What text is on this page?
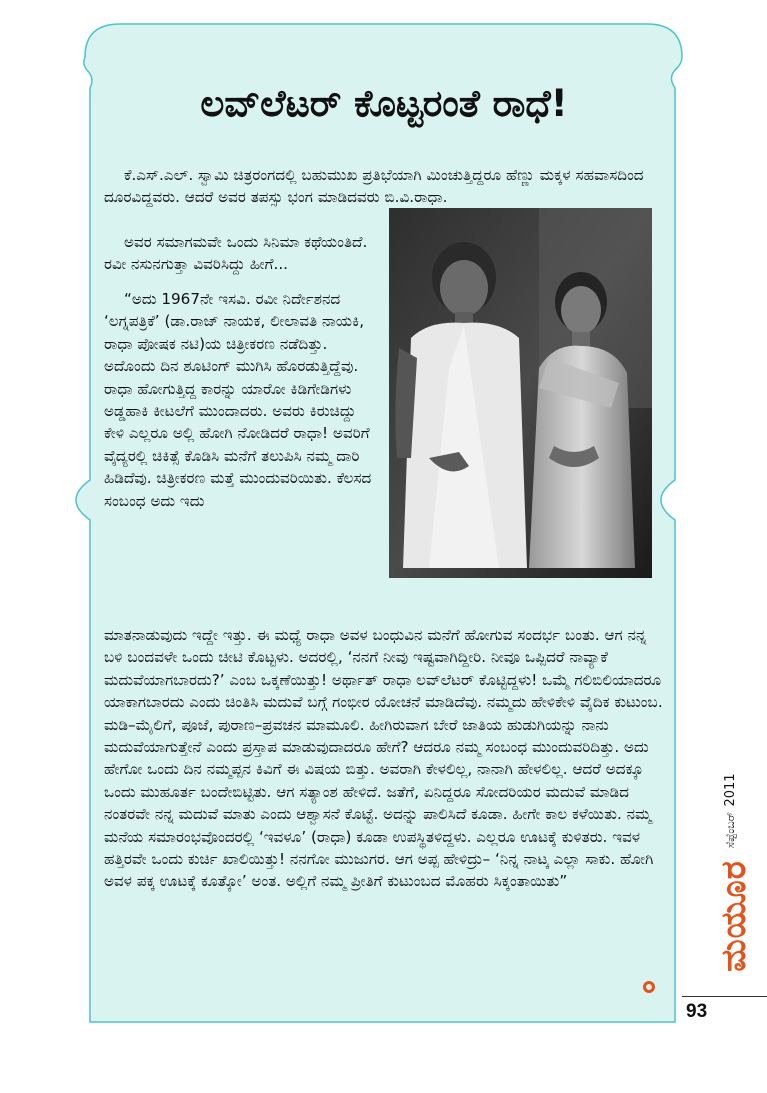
ಲವ್‌ಲೆಟರ್ ಕೊಟ್ಟರಂತೆ ರಾಧೆ!

ಕೆ.ಎಸ್.ಎಲ್. ಸ್ವಾಮಿ ಚಿತ್ರರಂಗದಲ್ಲಿ ಬಹುಮುಖ ಪ್ರತಿಭೆಯಾಗಿ ಮಿಂಚುತ್ತಿದ್ದರೂ ಹೆಣ್ಣು ಮಕ್ಕಳ ಸಹವಾಸದಿಂದ ದೂರವಿದ್ದವರು. ಆದರೆ ಅವರ ತಪಸ್ಸು ಭಂಗ ಮಾಡಿದವರು ಬಿ.ವಿ.ರಾಧಾ.

ಅವರ ಸಮಾಗಮವೇ ಒಂದು ಸಿನಿಮಾ ಕಥೆಯಂತಿದೆ. ರವೀ ನಸುನಗುತ್ತಾ ವಿವರಿಸಿದ್ದು ಹೀಗೆ...

“ಅದು 1967ನೇ ಇಸವಿ. ರವೀ ನಿರ್ದೇಶನದ ‘ಲಗ್ನಪತ್ರಿಕೆ’ (ಡಾ.ರಾಜ್ ನಾಯಕ, ಲೀಲಾವತಿ ನಾಯಕಿ, ರಾಧಾ ಪೋಷಕ ನಟಿ)ಯ ಚಿತ್ರೀಕರಣ ನಡೆದಿತ್ತು. ಅದೊಂದು ದಿನ ಶೂಟಿಂಗ್ ಮುಗಿಸಿ ಹೊರಡುತ್ತಿದ್ದೆವು. ರಾಧಾ ಹೋಗುತ್ತಿದ್ದ ಕಾರನ್ನು ಯಾರೋ ಕಿಡಿಗೇಡಿಗಳು ಅಡ್ಡಹಾಕಿ ಕೀಟಲೆಗೆ ಮುಂದಾದರು. ಅವರು ಕಿರುಚಿದ್ದು ಕೇಳಿ ಎಲ್ಲರೂ ಅಲ್ಲಿ ಹೋಗಿ ನೋಡಿದರೆ ರಾಧಾ! ಅವರಿಗೆ ವೈದ್ಯರಲ್ಲಿ ಚಿಕಿತ್ಸೆ ಕೊಡಿಸಿ ಮನೆಗೆ ತಲುಪಿಸಿ ನಮ್ಮ ದಾರಿ ಹಿಡಿದೆವು. ಚಿತ್ರೀಕರಣ ಮತ್ತೆ ಮುಂದುವರಿಯಿತು. ಕೆಲಸದ ಸಂಬಂಧ ಅದು ಇದು

ಮಾತನಾಡುವುದು ಇದ್ದೇ ಇತ್ತು. ಈ ಮಧ್ಯೆ ರಾಧಾ ಅವಳ ಬಂಧುವಿನ ಮನೆಗೆ ಹೋಗುವ ಸಂದರ್ಭ ಬಂತು. ಆಗ ನನ್ನ ಬಳಿ ಬಂದವಳೇ ಒಂದು ಚೀಟಿ ಕೊಟ್ಟಳು. ಅದರಲ್ಲಿ, ‘ನನಗೆ ನೀವು ಇಷ್ಟವಾಗಿದ್ದೀರಿ. ನೀವೂ ಒಪ್ಪಿದರೆ ನಾವ್ಯಾಕೆ ಮದುವೆಯಾಗಬಾರದು?’ ಎಂಬ ಒಕ್ಕಣೆಯಿತ್ತು! ಅರ್ಥಾತ್ ರಾಧಾ ಲವ್‌ಲೆಟರ್ ಕೊಟ್ಟಿದ್ದಳು! ಒಮ್ಮೆ ಗಲಿಬಿಲಿಯಾದರೂ ಯಾಕಾಗಬಾರದು ಎಂದು ಚಿಂತಿಸಿ ಮದುವೆ ಬಗ್ಗೆ ಗಂಭೀರ ಯೋಚನೆ ಮಾಡಿದೆವು. ನಮ್ಮದು ಹೇಳಿಕೇಳಿ ವೈದಿಕ ಕುಟುಂಬ. ಮಡಿ–ಮೈಲಿಗೆ, ಪೂಜೆ, ಪುರಾಣ–ಪ್ರವಚನ ಮಾಮೂಲಿ. ಹೀಗಿರುವಾಗ ಬೇರೆ ಜಾತಿಯ ಹುಡುಗಿಯನ್ನು ನಾನು ಮದುವೆಯಾಗುತ್ತೇನೆ ಎಂದು ಪ್ರಸ್ತಾಪ ಮಾಡುವುದಾದರೂ ಹೇಗೆ? ಆದರೂ ನಮ್ಮ ಸಂಬಂಧ ಮುಂದುವರಿದಿತ್ತು. ಅದು ಹೇಗೋ ಒಂದು ದಿನ ನಮ್ಮಪ್ಪನ ಕಿವಿಗೆ ಈ ವಿಷಯ ಬಿತ್ತು. ಅವರಾಗಿ ಕೇಳಲಿಲ್ಲ, ನಾನಾಗಿ ಹೇಳಲಿಲ್ಲ. ಆದರೆ ಅದಕ್ಕೂ ಒಂದು ಮುಹೂರ್ತ ಬಂದೇಬಿಟ್ಟಿತು. ಆಗ ಸತ್ಯಾಂಶ ಹೇಳಿದೆ. ಜತೆಗೆ, ಏನಿದ್ದರೂ ಸೋದರಿಯರ ಮದುವೆ ಮಾಡಿದ ನಂತರವೇ ನನ್ನ ಮದುವೆ ಮಾತು ಎಂದು ಆಶ್ವಾಸನೆ ಕೊಟ್ಟೆ. ಅದನ್ನು ಪಾಲಿಸಿದೆ ಕೂಡಾ. ಹೀಗೇ ಕಾಲ ಕಳೆಯಿತು. ನಮ್ಮ ಮನೆಯ ಸಮಾರಂಭವೊಂದರಲ್ಲಿ ‘ಇವಳೂ’ (ರಾಧಾ) ಕೂಡಾ ಉಪಸ್ಥಿತಳಿದ್ದಳು. ಎಲ್ಲರೂ ಊಟಕ್ಕೆ ಕುಳಿತರು. ಇವಳ ಹತ್ತಿರವೇ ಒಂದು ಕುರ್ಚಿ ಖಾಲಿಯಿತ್ತು! ನನಗೋ ಮುಜುಗರ. ಆಗ ಅಪ್ಪ ಹೇಳಿದ್ರು– ‘ನಿನ್ನ ನಾಟ್ಕ ಎಲ್ಲಾ ಸಾಕು. ಹೋಗಿ ಅವಳ ಪಕ್ಕ ಊಟಕ್ಕೆ ಕೂತ್ಕೋ’ ಅಂತ. ಅಲ್ಲಿಗೆ ನಮ್ಮ ಪ್ರೀತಿಗೆ ಕುಟುಂಬದ ಮೊಹರು ಸಿಕ್ಕಂತಾಯಿತು”

2011
ಸೆಪ್ಟೆಂಬರ್
ಮಯೂರ
93
